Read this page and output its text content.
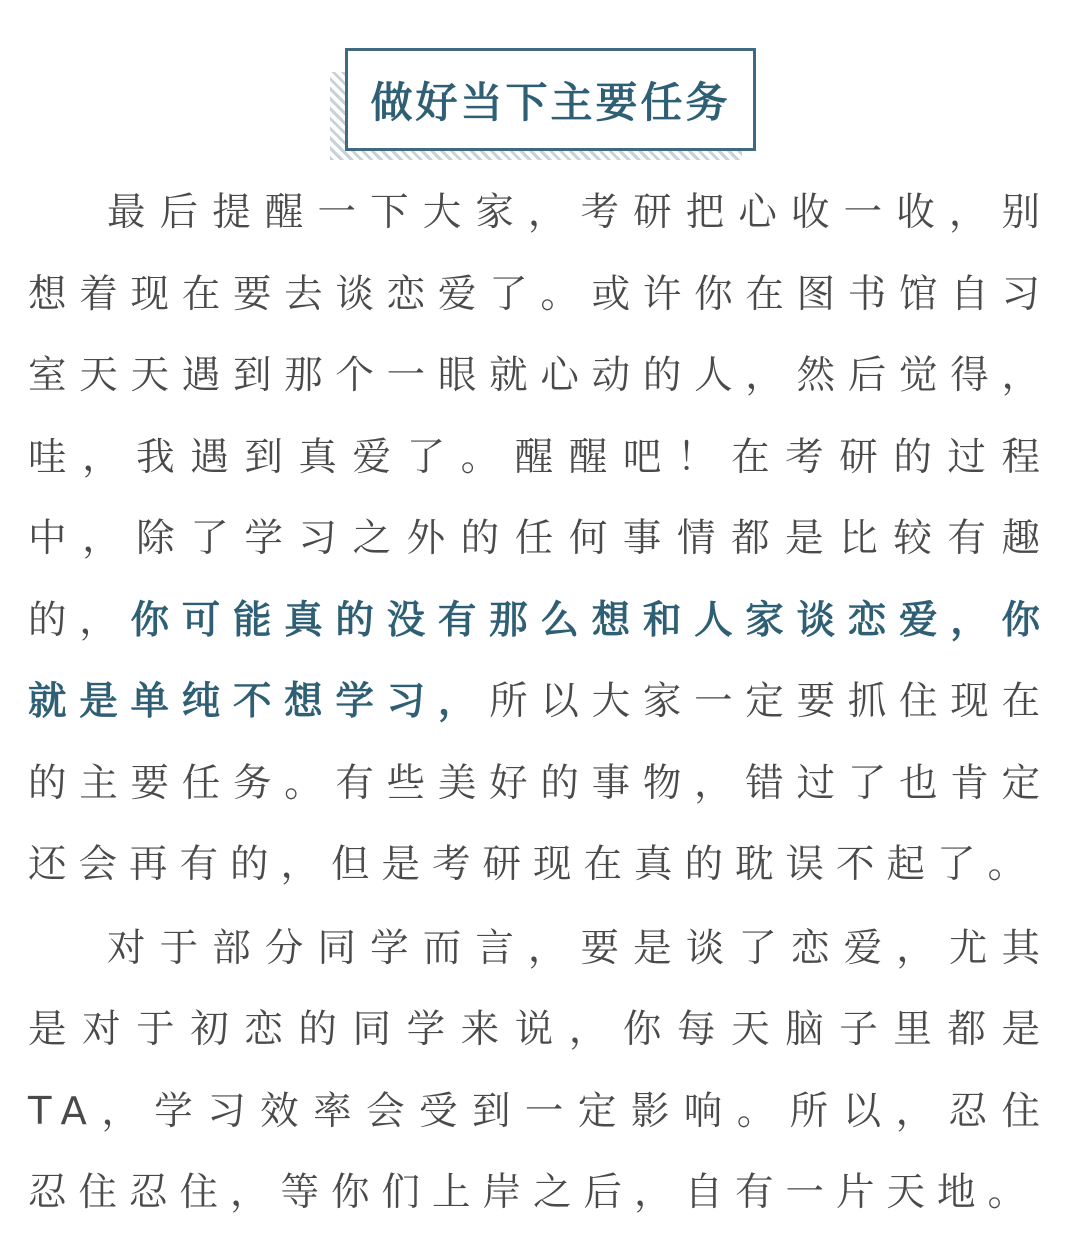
做好当下主要任务

最后提醒一下大家，考研把心收一收，别想着现在要去谈恋爱了。或许你在图书馆自习室天天遇到那个一眼就心动的人，然后觉得，哇，我遇到真爱了。醒醒吧！在考研的过程中，除了学习之外的任何事情都是比较有趣的，你可能真的没有那么想和人家谈恋爱，你就是单纯不想学习，所以大家一定要抓住现在的主要任务。有些美好的事物，错过了也肯定还会再有的，但是考研现在真的耽误不起了。

对于部分同学而言，要是谈了恋爱，尤其是对于初恋的同学来说，你每天脑子里都是TA，学习效率会受到一定影响。所以，忍住忍住忍住，等你们上岸之后，自有一片天地。
